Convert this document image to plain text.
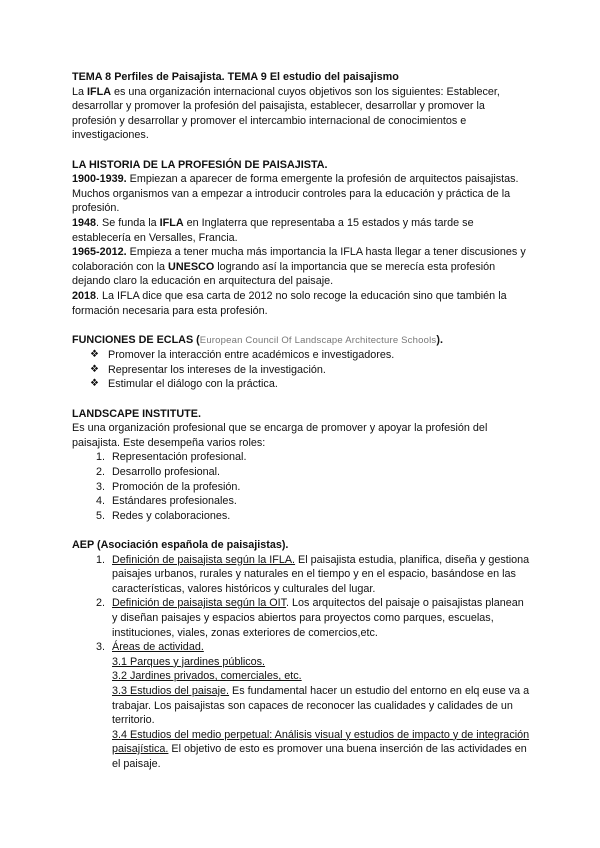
TEMA 8 Perfiles de Paisajista. TEMA 9 El estudio del paisajismo

La IFLA es una organización internacional cuyos objetivos son los siguientes: Establecer, desarrollar y promover la profesión del paisajista, establecer, desarrollar y promover la profesión y desarrollar y promover el intercambio internacional de conocimientos e investigaciones.

LA HISTORIA DE LA PROFESIÓN DE PAISAJISTA.

1900-1939. Empiezan a aparecer de forma emergente la profesión de arquitectos paisajistas. Muchos organismos van a empezar a introducir controles para la educación y práctica de la profesión.

1948. Se funda la IFLA en Inglaterra que representaba a 15 estados y más tarde se establecería en Versalles, Francia.

1965-2012. Empieza a tener mucha más importancia la IFLA hasta llegar a tener discusiones y colaboración con la UNESCO logrando así la importancia que se merecía esta profesión dejando claro la educación en arquitectura del paisaje.

2018. La IFLA dice que esa carta de 2012 no solo recoge la educación sino que también la formación necesaria para esta profesión.

FUNCIONES DE ECLAS (European Council Of Landscape Architecture Schools).

❖ Promover la interacción entre académicos e investigadores.
❖ Representar los intereses de la investigación.
❖ Estimular el diálogo con la práctica.

LANDSCAPE INSTITUTE.

Es una organización profesional que se encarga de promover y apoyar la profesión del paisajista. Este desempeña varios roles:

1. Representación profesional.
2. Desarrollo profesional.
3. Promoción de la profesión.
4. Estándares profesionales.
5. Redes y colaboraciones.

AEP (Asociación española de paisajistas).

1. Definición de paisajista según la IFLA. El paisajista estudia, planifica, diseña y gestiona paisajes urbanos, rurales y naturales en el tiempo y en el espacio, basándose en las características, valores históricos y culturales del lugar.
2. Definición de paisajista según la OIT. Los arquitectos del paisaje o paisajistas planean y diseñan paisajes y espacios abiertos para proyectos como parques, escuelas, instituciones, viales, zonas exteriores de comercios,etc.
3. Áreas de actividad.

3.1 Parques y jardines públicos.

3.2 Jardines privados, comerciales, etc.

3.3 Estudios del paisaje. Es fundamental hacer un estudio del entorno en elq euse va a trabajar. Los paisajistas son capaces de reconocer las cualidades y calidades de un territorio.

3.4 Estudios del medio perpetual: Análisis visual y estudios de impacto y de integración paisajística. El objetivo de esto es promover una buena inserción de las actividades en el paisaje.
